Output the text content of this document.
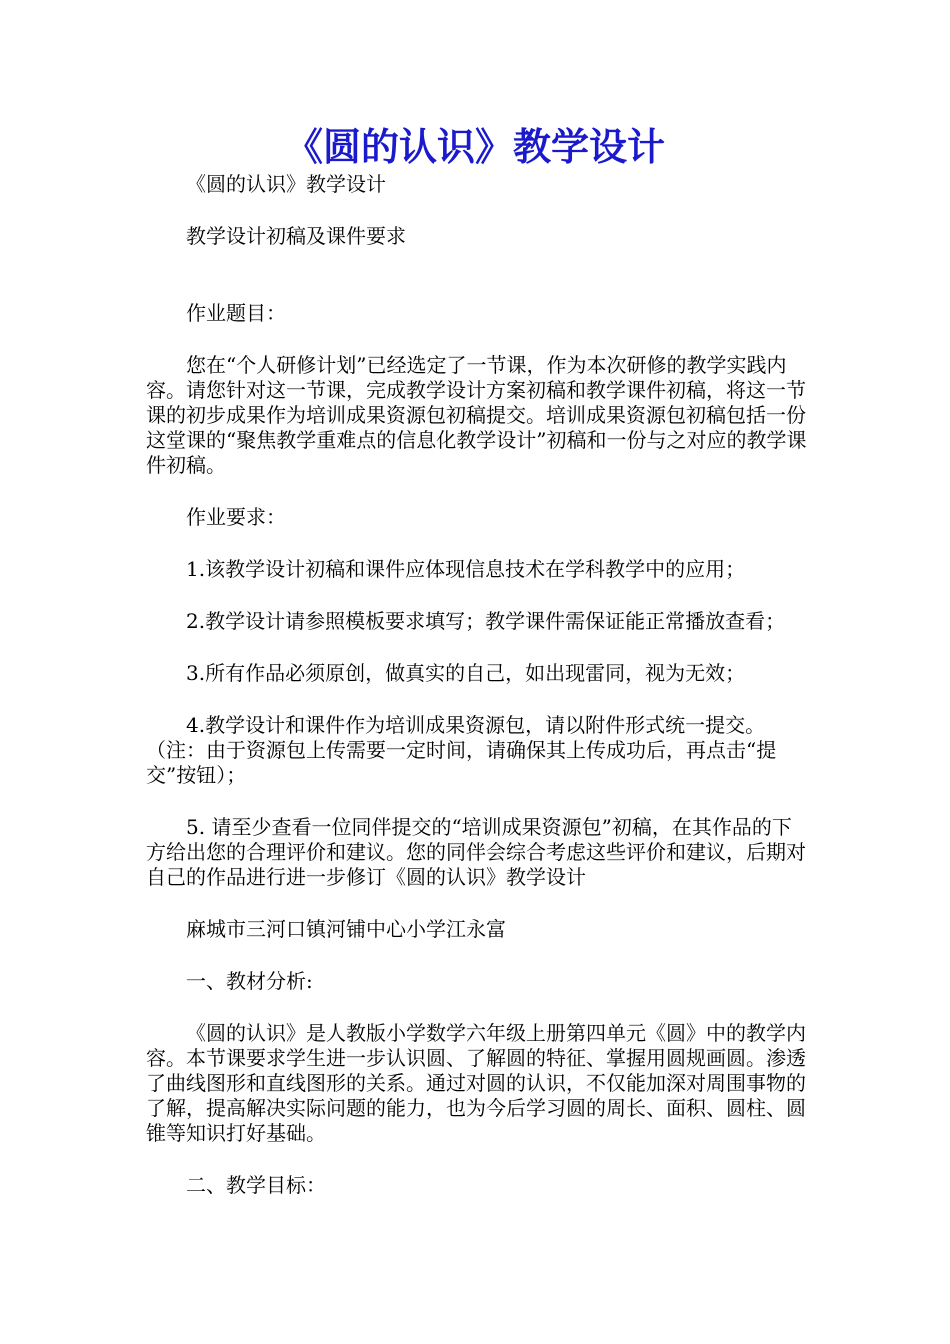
《圆的认识》教学设计

《圆的认识》教学设计

教学设计初稿及课件要求

作业题目：

您在“个人研修计划”已经选定了一节课，作为本次研修的教学实践内容。请您针对这一节课，完成教学设计方案初稿和教学课件初稿，将这一节课的初步成果作为培训成果资源包初稿提交。培训成果资源包初稿包括一份这堂课的“聚焦教学重难点的信息化教学设计”初稿和一份与之对应的教学课件初稿。

作业要求：

1.该教学设计初稿和课件应体现信息技术在学科教学中的应用；

2.教学设计请参照模板要求填写；教学课件需保证能正常播放查看；

3.所有作品必须原创，做真实的自己，如出现雷同，视为无效；

4.教学设计和课件作为培训成果资源包，请以附件形式统一提交。（注：由于资源包上传需要一定时间，请确保其上传成功后，再点击“提交”按钮）；

5. 请至少查看一位同伴提交的“培训成果资源包”初稿，在其作品的下方给出您的合理评价和建议。您的同伴会综合考虑这些评价和建议，后期对自己的作品进行进一步修订《圆的认识》教学设计

麻城市三河口镇河铺中心小学江永富

一、教材分析:

《圆的认识》是人教版小学数学六年级上册第四单元《圆》中的教学内容。本节课要求学生进一步认识圆、了解圆的特征、掌握用圆规画圆。渗透了曲线图形和直线图形的关系。通过对圆的认识，不仅能加深对周围事物的了解，提高解决实际问题的能力，也为今后学习圆的周长、面积、圆柱、圆锥等知识打好基础。

二、教学目标：
